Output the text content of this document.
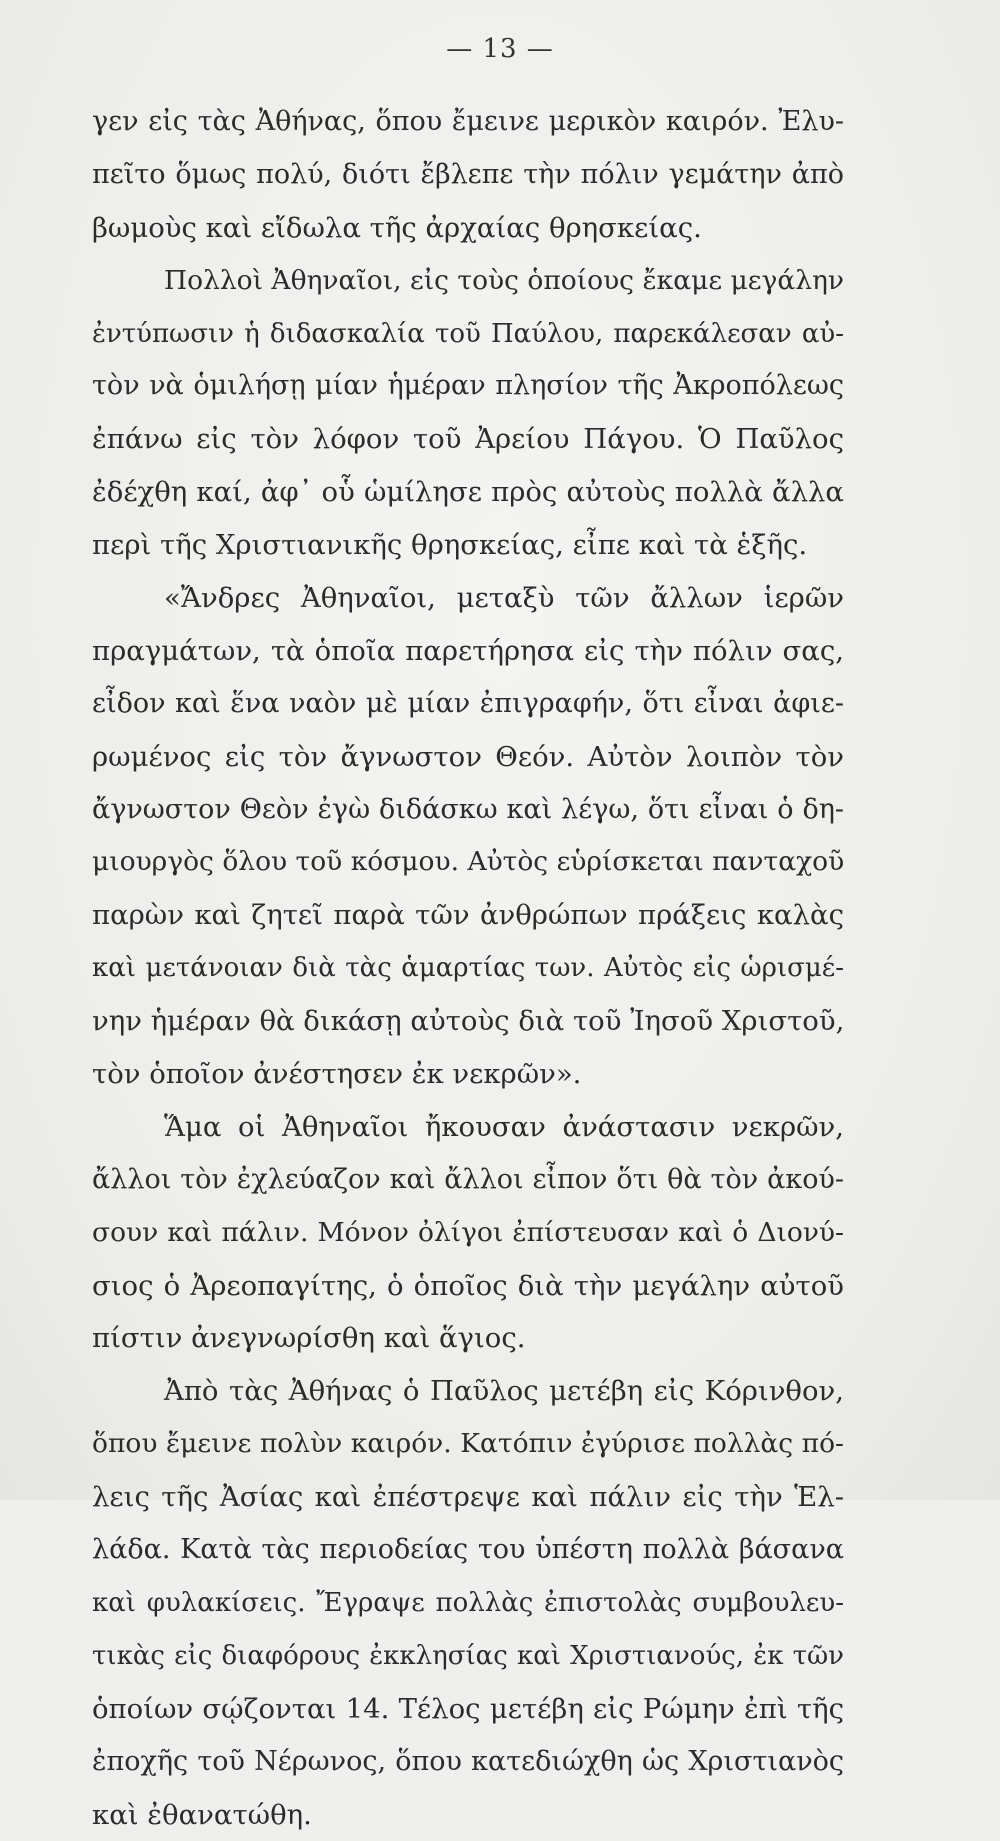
— 13 —
γεν εἰς τὰς Ἀθήνας, ὅπου ἔμεινε μερικὸν καιρόν. Ἐλυ-
πεῖτο ὅμως πολύ, διότι ἔβλεπε τὴν πόλιν γεμάτην ἀπὸ
βωμοὺς καὶ εἴδωλα τῆς ἀρχαίας θρησκείας.
Πολλοὶ Ἀθηναῖοι, εἰς τοὺς ὁποίους ἔκαμε μεγάλην
ἐντύπωσιν ἡ διδασκαλία τοῦ Παύλου, παρεκάλεσαν αὐ-
τὸν νὰ ὁμιλήσῃ μίαν ἡμέραν πλησίον τῆς Ἀκροπόλεως
ἐπάνω εἰς τὸν λόφον τοῦ Ἀρείου Πάγου. Ὁ Παῦλος
ἐδέχθη καί, ἀφ᾽ οὗ ὡμίλησε πρὸς αὐτοὺς πολλὰ ἄλλα
περὶ τῆς Χριστιανικῆς θρησκείας, εἶπε καὶ τὰ ἑξῆς.
«Ἄνδρες Ἀθηναῖοι, μεταξὺ τῶν ἄλλων ἱερῶν
πραγμάτων, τὰ ὁποῖα παρετήρησα εἰς τὴν πόλιν σας,
εἶδον καὶ ἕνα ναὸν μὲ μίαν ἐπιγραφήν, ὅτι εἶναι ἀφιε-
ρωμένος εἰς τὸν ἄγνωστον Θεόν. Αὐτὸν λοιπὸν τὸν
ἄγνωστον Θεὸν ἐγὼ διδάσκω καὶ λέγω, ὅτι εἶναι ὁ δη-
μιουργὸς ὅλου τοῦ κόσμου. Αὐτὸς εὑρίσκεται πανταχοῦ
παρὼν καὶ ζητεῖ παρὰ τῶν ἀνθρώπων πράξεις καλὰς
καὶ μετάνοιαν διὰ τὰς ἁμαρτίας των. Αὐτὸς εἰς ὡρισμέ-
νην ἡμέραν θὰ δικάσῃ αὐτοὺς διὰ τοῦ Ἰησοῦ Χριστοῦ,
τὸν ὁποῖον ἀνέστησεν ἐκ νεκρῶν».
Ἅμα οἱ Ἀθηναῖοι ἤκουσαν ἀνάστασιν νεκρῶν,
ἄλλοι τὸν ἐχλεύαζον καὶ ἄλλοι εἶπον ὅτι θὰ τὸν ἀκού-
σουν καὶ πάλιν. Μόνον ὀλίγοι ἐπίστευσαν καὶ ὁ Διονύ-
σιος ὁ Ἀρεοπαγίτης, ὁ ὁποῖος διὰ τὴν μεγάλην αὐτοῦ
πίστιν ἀνεγνωρίσθη καὶ ἅγιος.
Ἀπὸ τὰς Ἀθήνας ὁ Παῦλος μετέβη εἰς Κόρινθον,
ὅπου ἔμεινε πολὺν καιρόν. Κατόπιν ἐγύρισε πολλὰς πό-
λεις τῆς Ἀσίας καὶ ἐπέστρεψε καὶ πάλιν εἰς τὴν Ἑλ-
λάδα. Κατὰ τὰς περιοδείας του ὑπέστη πολλὰ βάσανα
καὶ φυλακίσεις. Ἔγραψε πολλὰς ἐπιστολὰς συμβουλευ-
τικὰς εἰς διαφόρους ἐκκλησίας καὶ Χριστιανούς, ἐκ τῶν
ὁποίων σῴζονται 14. Τέλος μετέβη εἰς Ρώμην ἐπὶ τῆς
ἐποχῆς τοῦ Νέρωνος, ὅπου κατεδιώχθη ὡς Χριστιανὸς
καὶ ἐθανατώθη.
